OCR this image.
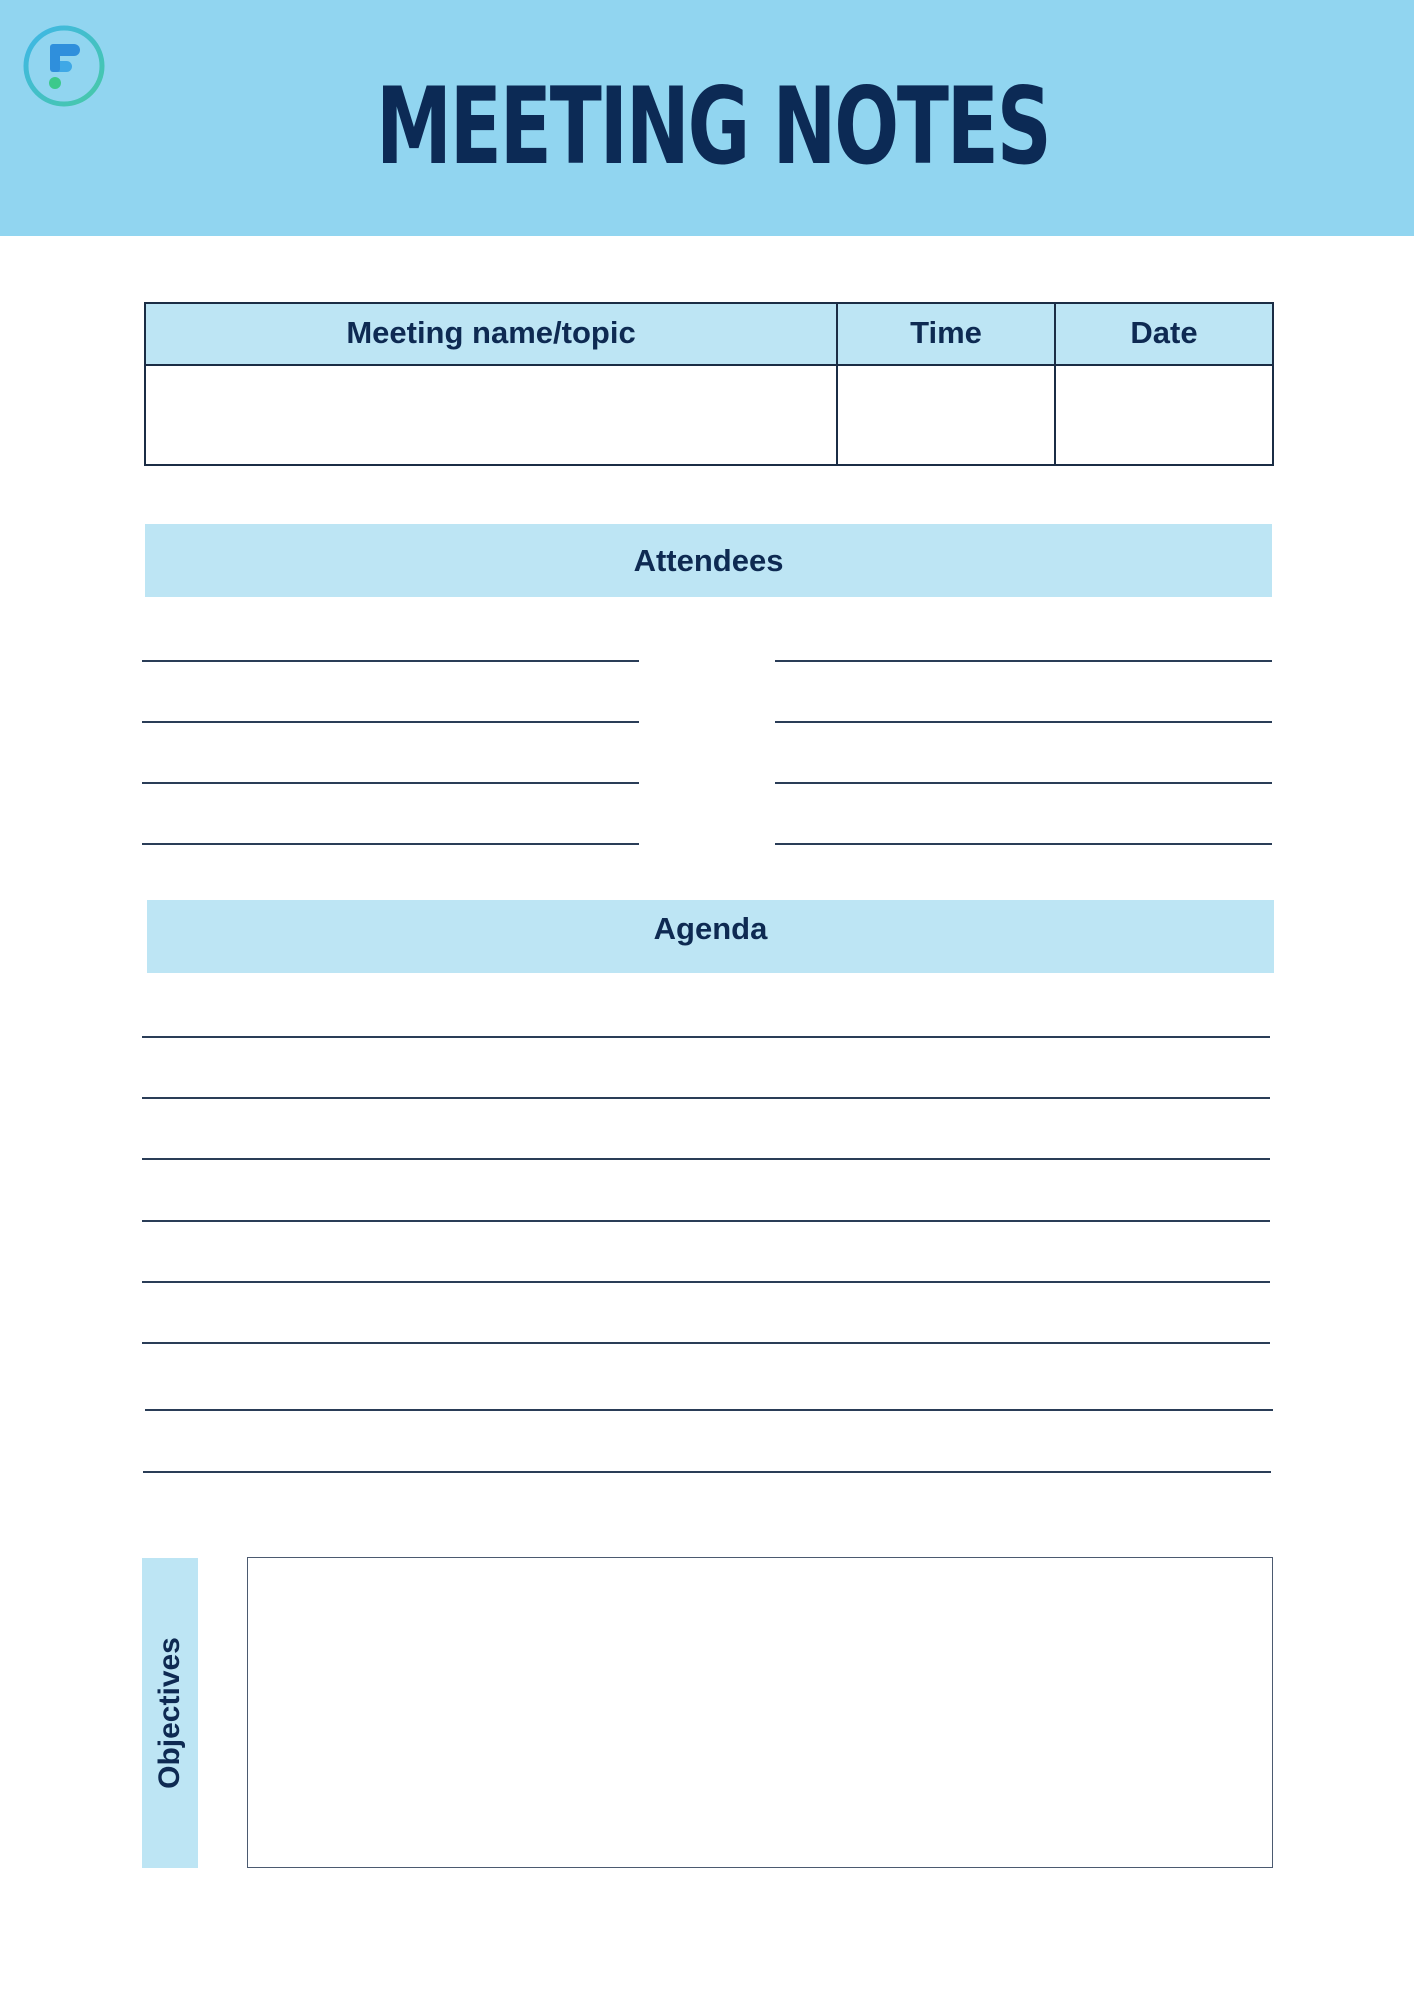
MEETING NOTES
Meeting name/topic	Time	Date
Attendees
Agenda
Objectives
